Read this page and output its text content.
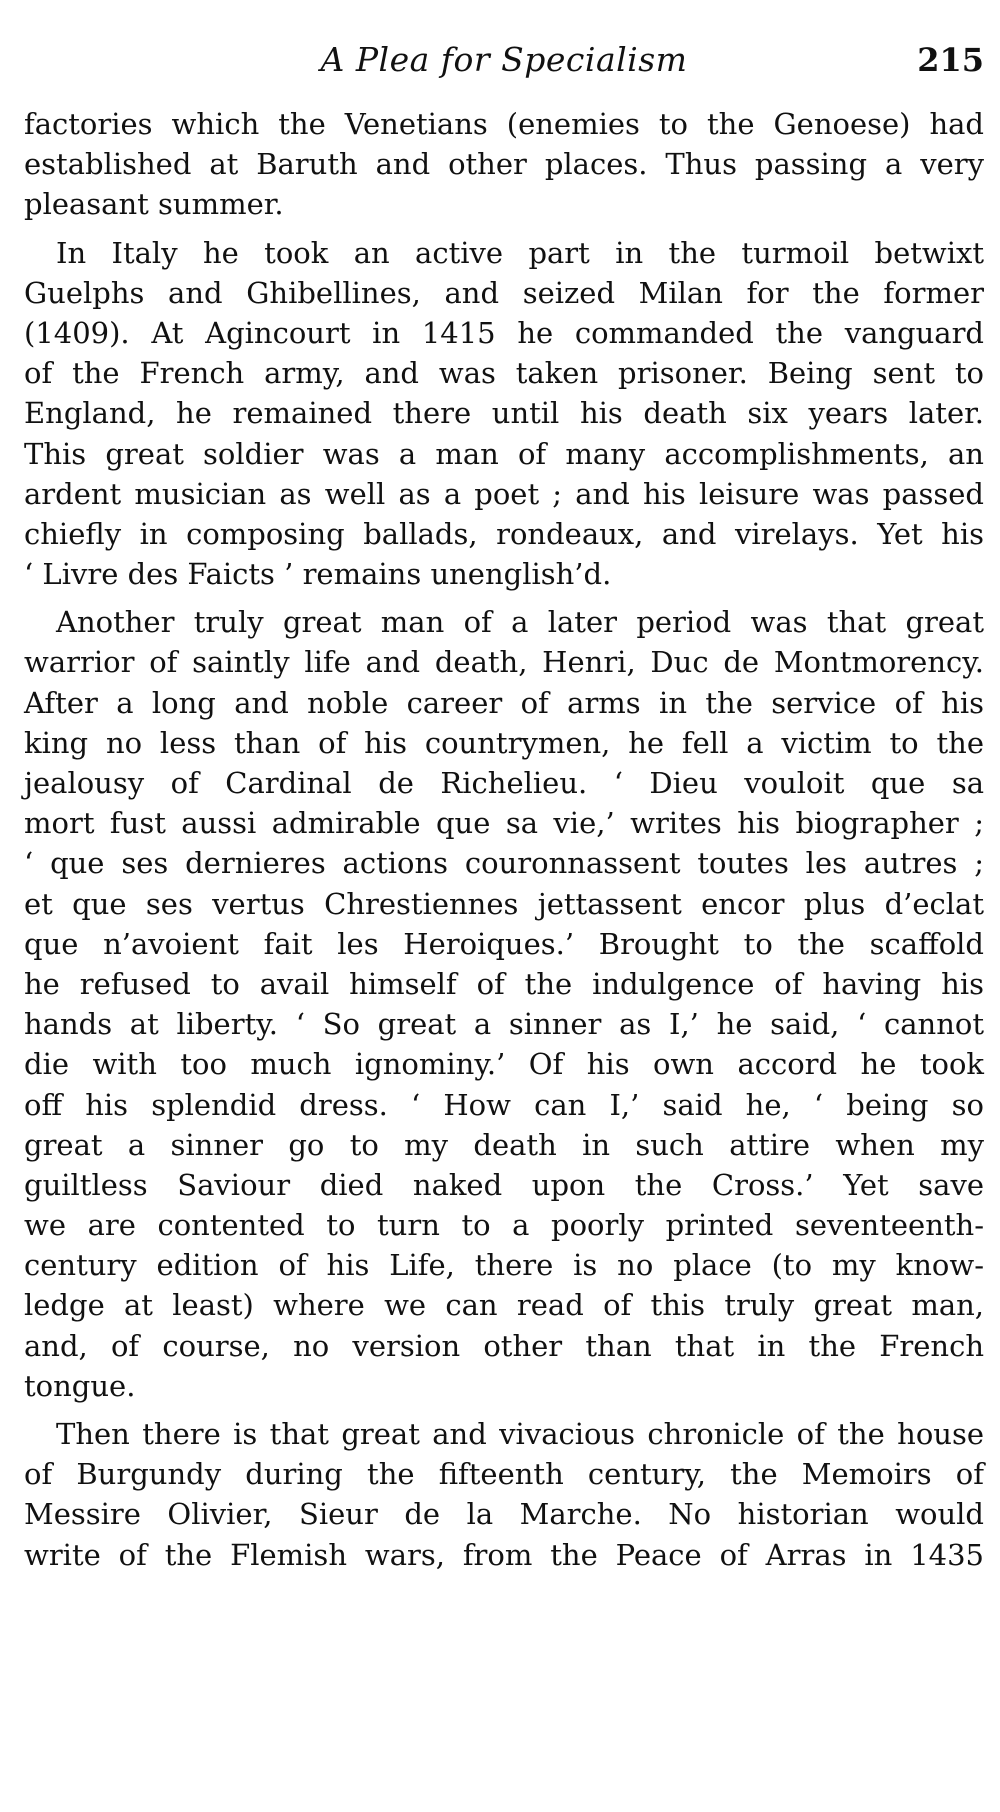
A Plea for Specialism	215
factories which the Venetians (enemies to the Genoese) had
established at Baruth and other places. Thus passing a very
pleasant summer.
In Italy he took an active part in the turmoil betwixt
Guelphs and Ghibellines, and seized Milan for the former
(1409). At Agincourt in 1415 he commanded the vanguard
of the French army, and was taken prisoner. Being sent to
England, he remained there until his death six years later.
This great soldier was a man of many accomplishments, an
ardent musician as well as a poet ; and his leisure was passed
chiefly in composing ballads, rondeaux, and virelays. Yet his
‘ Livre des Faicts ’ remains unenglish’d.
Another truly great man of a later period was that great
warrior of saintly life and death, Henri, Duc de Montmorency.
After a long and noble career of arms in the service of his
king no less than of his countrymen, he fell a victim to the
jealousy of Cardinal de Richelieu. ‘ Dieu vouloit que sa
mort fust aussi admirable que sa vie,’ writes his biographer ;
‘ que ses dernieres actions couronnassent toutes les autres ;
et que ses vertus Chrestiennes jettassent encor plus d’eclat
que n’avoient fait les Heroiques.’ Brought to the scaffold
he refused to avail himself of the indulgence of having his
hands at liberty. ‘ So great a sinner as I,’ he said, ‘ cannot
die with too much ignominy.’ Of his own accord he took
off his splendid dress. ‘ How can I,’ said he, ‘ being so
great a sinner go to my death in such attire when my
guiltless Saviour died naked upon the Cross.’ Yet save
we are contented to turn to a poorly printed seventeenth-
century edition of his Life, there is no place (to my know-
ledge at least) where we can read of this truly great man,
and, of course, no version other than that in the French
tongue.
Then there is that great and vivacious chronicle of the house
of Burgundy during the fifteenth century, the Memoirs of
Messire Olivier, Sieur de la Marche. No historian would
write of the Flemish wars, from the Peace of Arras in 1435
